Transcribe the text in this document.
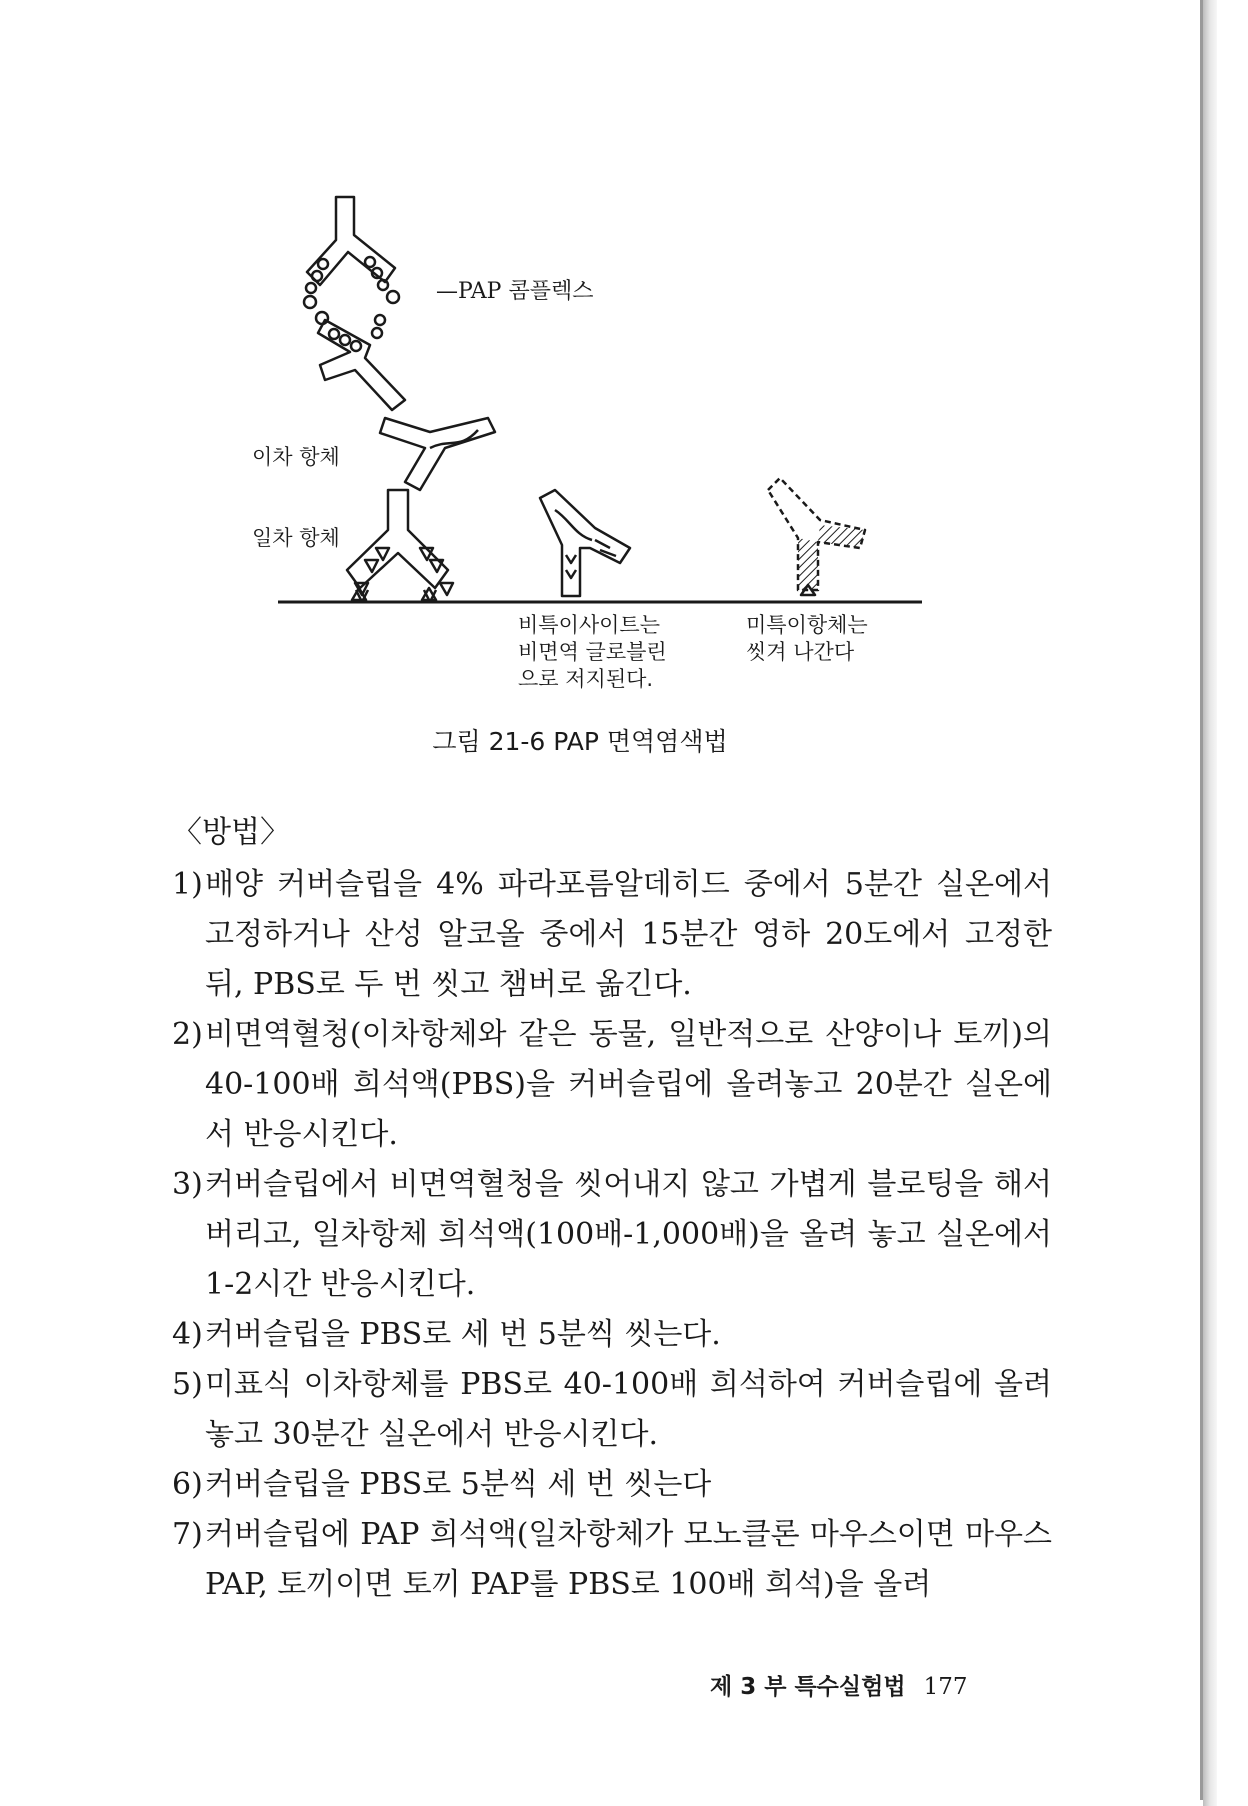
—PAP 콤플렉스
이차 항체
일차 항체
비특이사이트는
비면역 글로블린
으로 저지된다.
미특이항체는
씻겨 나간다
그림 21-6 PAP 면역염색법

〈방법〉

1) 배양 커버슬립을 4% 파라포름알데히드 중에서 5분간 실온에서 고정하거나 산성 알코올 중에서 15분간 영하 20도에서 고정한 뒤, PBS로 두 번 씻고 챔버로 옮긴다.

2) 비면역혈청(이차항체와 같은 동물, 일반적으로 산양이나 토끼)의 40-100배 희석액(PBS)을 커버슬립에 올려놓고 20분간 실온에서 반응시킨다.

3) 커버슬립에서 비면역혈청을 씻어내지 않고 가볍게 블로팅을 해서 버리고, 일차항체 희석액(100배-1,000배)을 올려 놓고 실온에서 1-2시간 반응시킨다.

4) 커버슬립을 PBS로 세 번 5분씩 씻는다.

5) 미표식 이차항체를 PBS로 40-100배 희석하여 커버슬립에 올려놓고 30분간 실온에서 반응시킨다.

6) 커버슬립을 PBS로 5분씩 세 번 씻는다

7) 커버슬립에 PAP 희석액(일차항체가 모노클론 마우스이면 마우스 PAP, 토끼이면 토끼 PAP를 PBS로 100배 희석)을 올려

제 3 부 특수실험법 177
